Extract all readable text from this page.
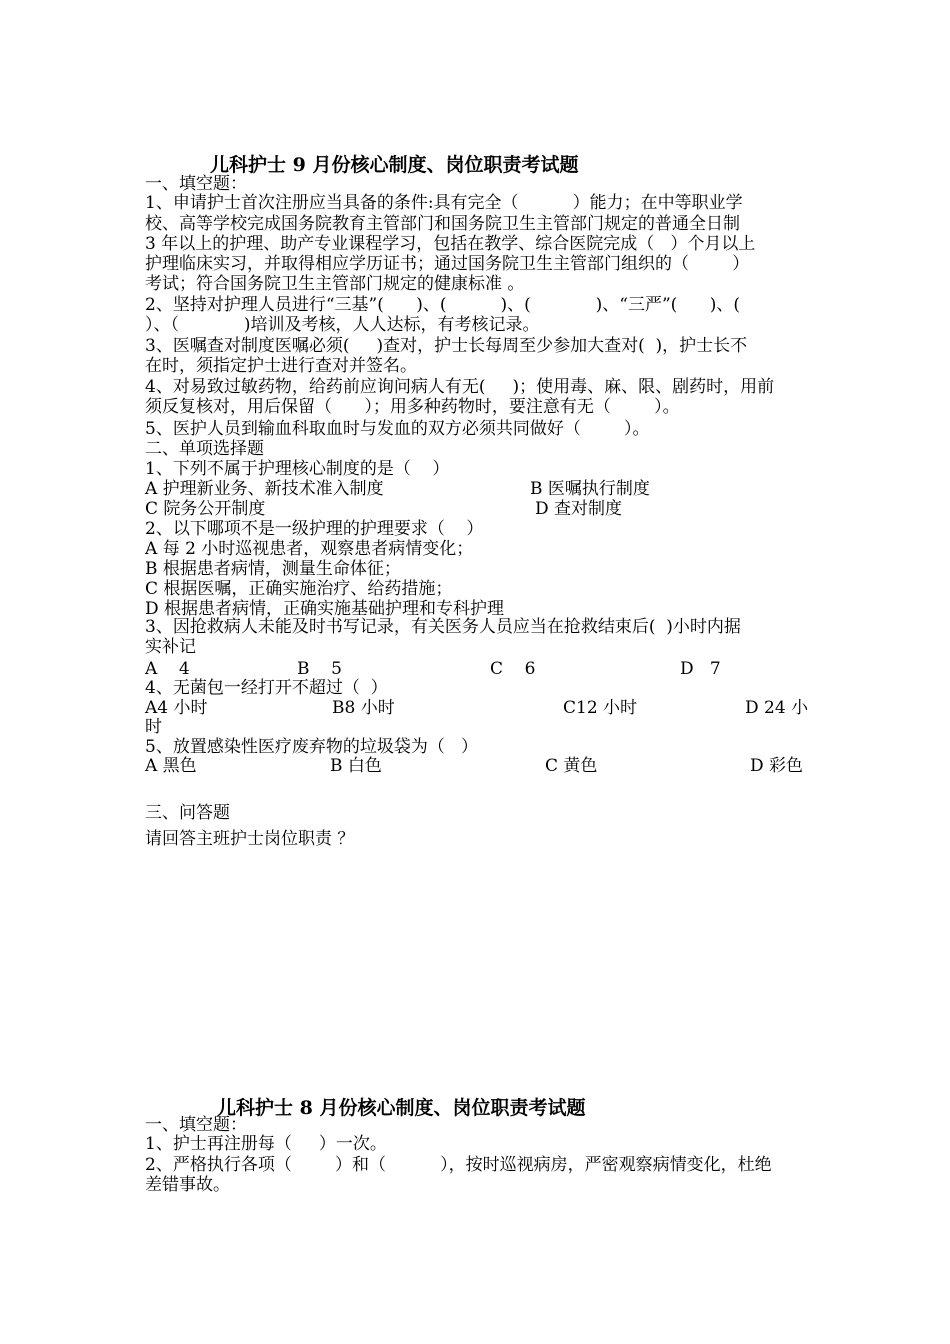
儿科护士 9 月份核心制度、岗位职责考试题
一、填空题：
1、申请护士首次注册应当具备的条件:具有完全（          ）能力；在中等职业学
校、高等学校完成国务院教育主管部门和国务院卫生主管部门规定的普通全日制
3 年以上的护理、助产专业课程学习，包括在教学、综合医院完成（   ）个月以上
护理临床实习，并取得相应学历证书；通过国务院卫生主管部门组织的（        ）
考试；符合国务院卫生主管部门规定的健康标准 。
2、坚持对护理人员进行“三基”(      )、(          )、(            )、“三严”(      )、(
）、（            )培训及考核，人人达标，有考核记录。
3、医嘱查对制度医嘱必须(     )查对，护士长每周至少参加大查对(  )，护士长不
在时，须指定护士进行查对并签名。
4、对易致过敏药物，给药前应询问病人有无(     )；使用毒、麻、限、剧药时，用前
须反复核对，用后保留（      ）；用多种药物时，要注意有无（        ）。
5、医护人员到输血科取血时与发血的双方必须共同做好（        ）。
二、单项选择题
1、下列不属于护理核心制度的是（    ）
A 护理新业务、新技术准入制度	B 医嘱执行制度
C 院务公开制度	D 查对制度
2、以下哪项不是一级护理的护理要求（    ）
A 每 2 小时巡视患者，观察患者病情变化；
B 根据患者病情，测量生命体征；
C 根据医嘱，正确实施治疗、给药措施；
D 根据患者病情，正确实施基础护理和专科护理
3、因抢救病人未能及时书写记录，有关医务人员应当在抢救结束后(  )小时内据
实补记
A    4	B    5	C    6	D   7
4、无菌包一经打开不超过（  ）
A4 小时	B8 小时	C12 小时	D 24 小
时
5、放置感染性医疗废弃物的垃圾袋为（   ）
A 黑色	B 白色	C 黄色	D 彩色
三、问答题
请回答主班护士岗位职责 ？
儿科护士 8 月份核心制度、岗位职责考试题
一、填空题：
1、护士再注册每（     ）一次。
2、严格执行各项（        ）和（          ），按时巡视病房，严密观察病情变化，杜绝
差错事故。
